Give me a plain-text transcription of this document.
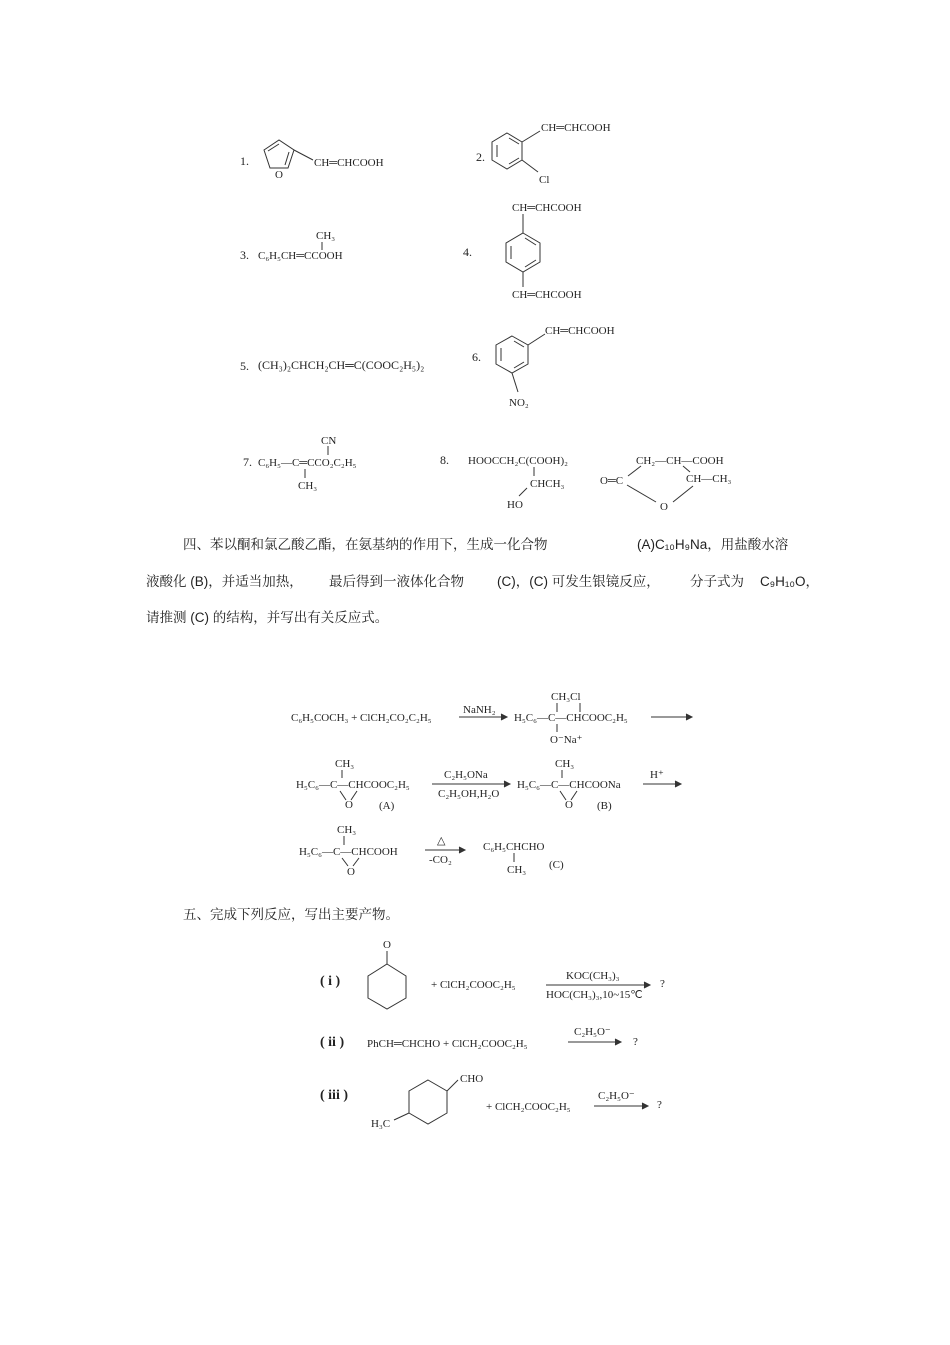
1.
O
CH═CHCOOH	2.
CH═CHCOOH
Cl
3.
CH₃
C₆H₅CH═CCOOH	4.
CH═CHCOOH
CH═CHCOOH
5. (CH₃)₂CHCH₂CH═C(COOC₂H₅)₂
6.
CH═CHCOOH
NO₂
7.
CN
C₆H₅—C═CCO₂C₂H₅
CH₃
8. HOOCCH₂C(COOH)₂
CHCH₃
HO
CH₂—CH—COOH
O═C	CH—CH₃
O
C₆H₅COCH₃ + ClCH₂CO₂C₂H₅
NaNH₂
CH₃Cl
H₅C₆—C—CHCOOC₂H₅
O⁻Na⁺
CH₃
H₅C₆—C—CHCOOC₂H₅
O (A)
C₂H₅ONa
C₂H₅OH,H₂O
CH₃
H₅C₆—C—CHCOONa
O (B)
H⁺
CH₃
H₅C₆—C—CHCOOH
O
△
-CO₂
C₆H₅CHCHO
CH₃ (C)
( i )
O
+ ClCH₂COOC₂H₅
KOC(CH₃)₃
HOC(CH₃)₃,10~15℃
?
( ii ) PhCH═CHCHO + ClCH₂COOC₂H₅
C₂H₅O⁻
?
( iii )
CHO
H₃C
+ ClCH₂COOC₂H₅
C₂H₅O⁻
?
四、苯以酮和氯乙酸乙酯，在氨基纳的作用下，生成一化合物	(A)C₁₀H₉Na，用盐酸水溶
液酸化 (B)，并适当加热， 最后得到一液体化合物 (C)，(C) 可发生银镜反应， 分子式为 C₉H₁₀O，
请推测 (C) 的结构，并写出有关反应式。
五、完成下列反应，写出主要产物。
